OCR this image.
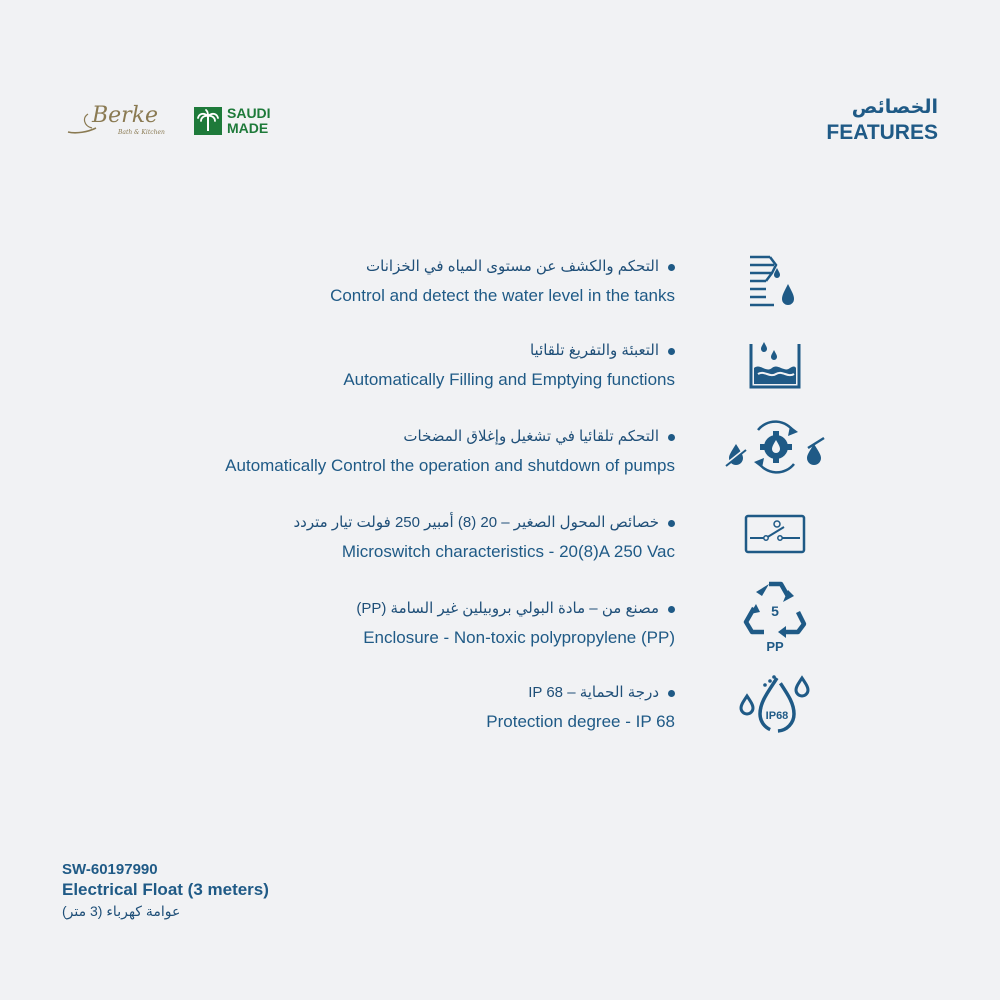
Berke
Bath & Kitchen
SAUDI
MADE
الخصائص
FEATURES
التحكم والكشف عن مستوى المياه في الخزانات
Control and detect the water level in the tanks
التعبئة والتفريغ تلقائيا
Automatically Filling and Emptying functions
التحكم تلقائيا في تشغيل وإغلاق المضخات
Automatically Control the operation and shutdown of pumps
خصائص المحول الصغير – 20 (8) أمبير 250 فولت تيار متردد
Microswitch characteristics - 20(8)A 250 Vac
مصنع من – مادة البولي بروبيلين غير السامة (PP)
Enclosure - Non-toxic polypropylene (PP)
5
PP
درجة الحماية – IP 68
Protection degree - IP 68	IP68
SW-60197990
Electrical Float (3 meters)
عوامة كهرباء (3 متر)
